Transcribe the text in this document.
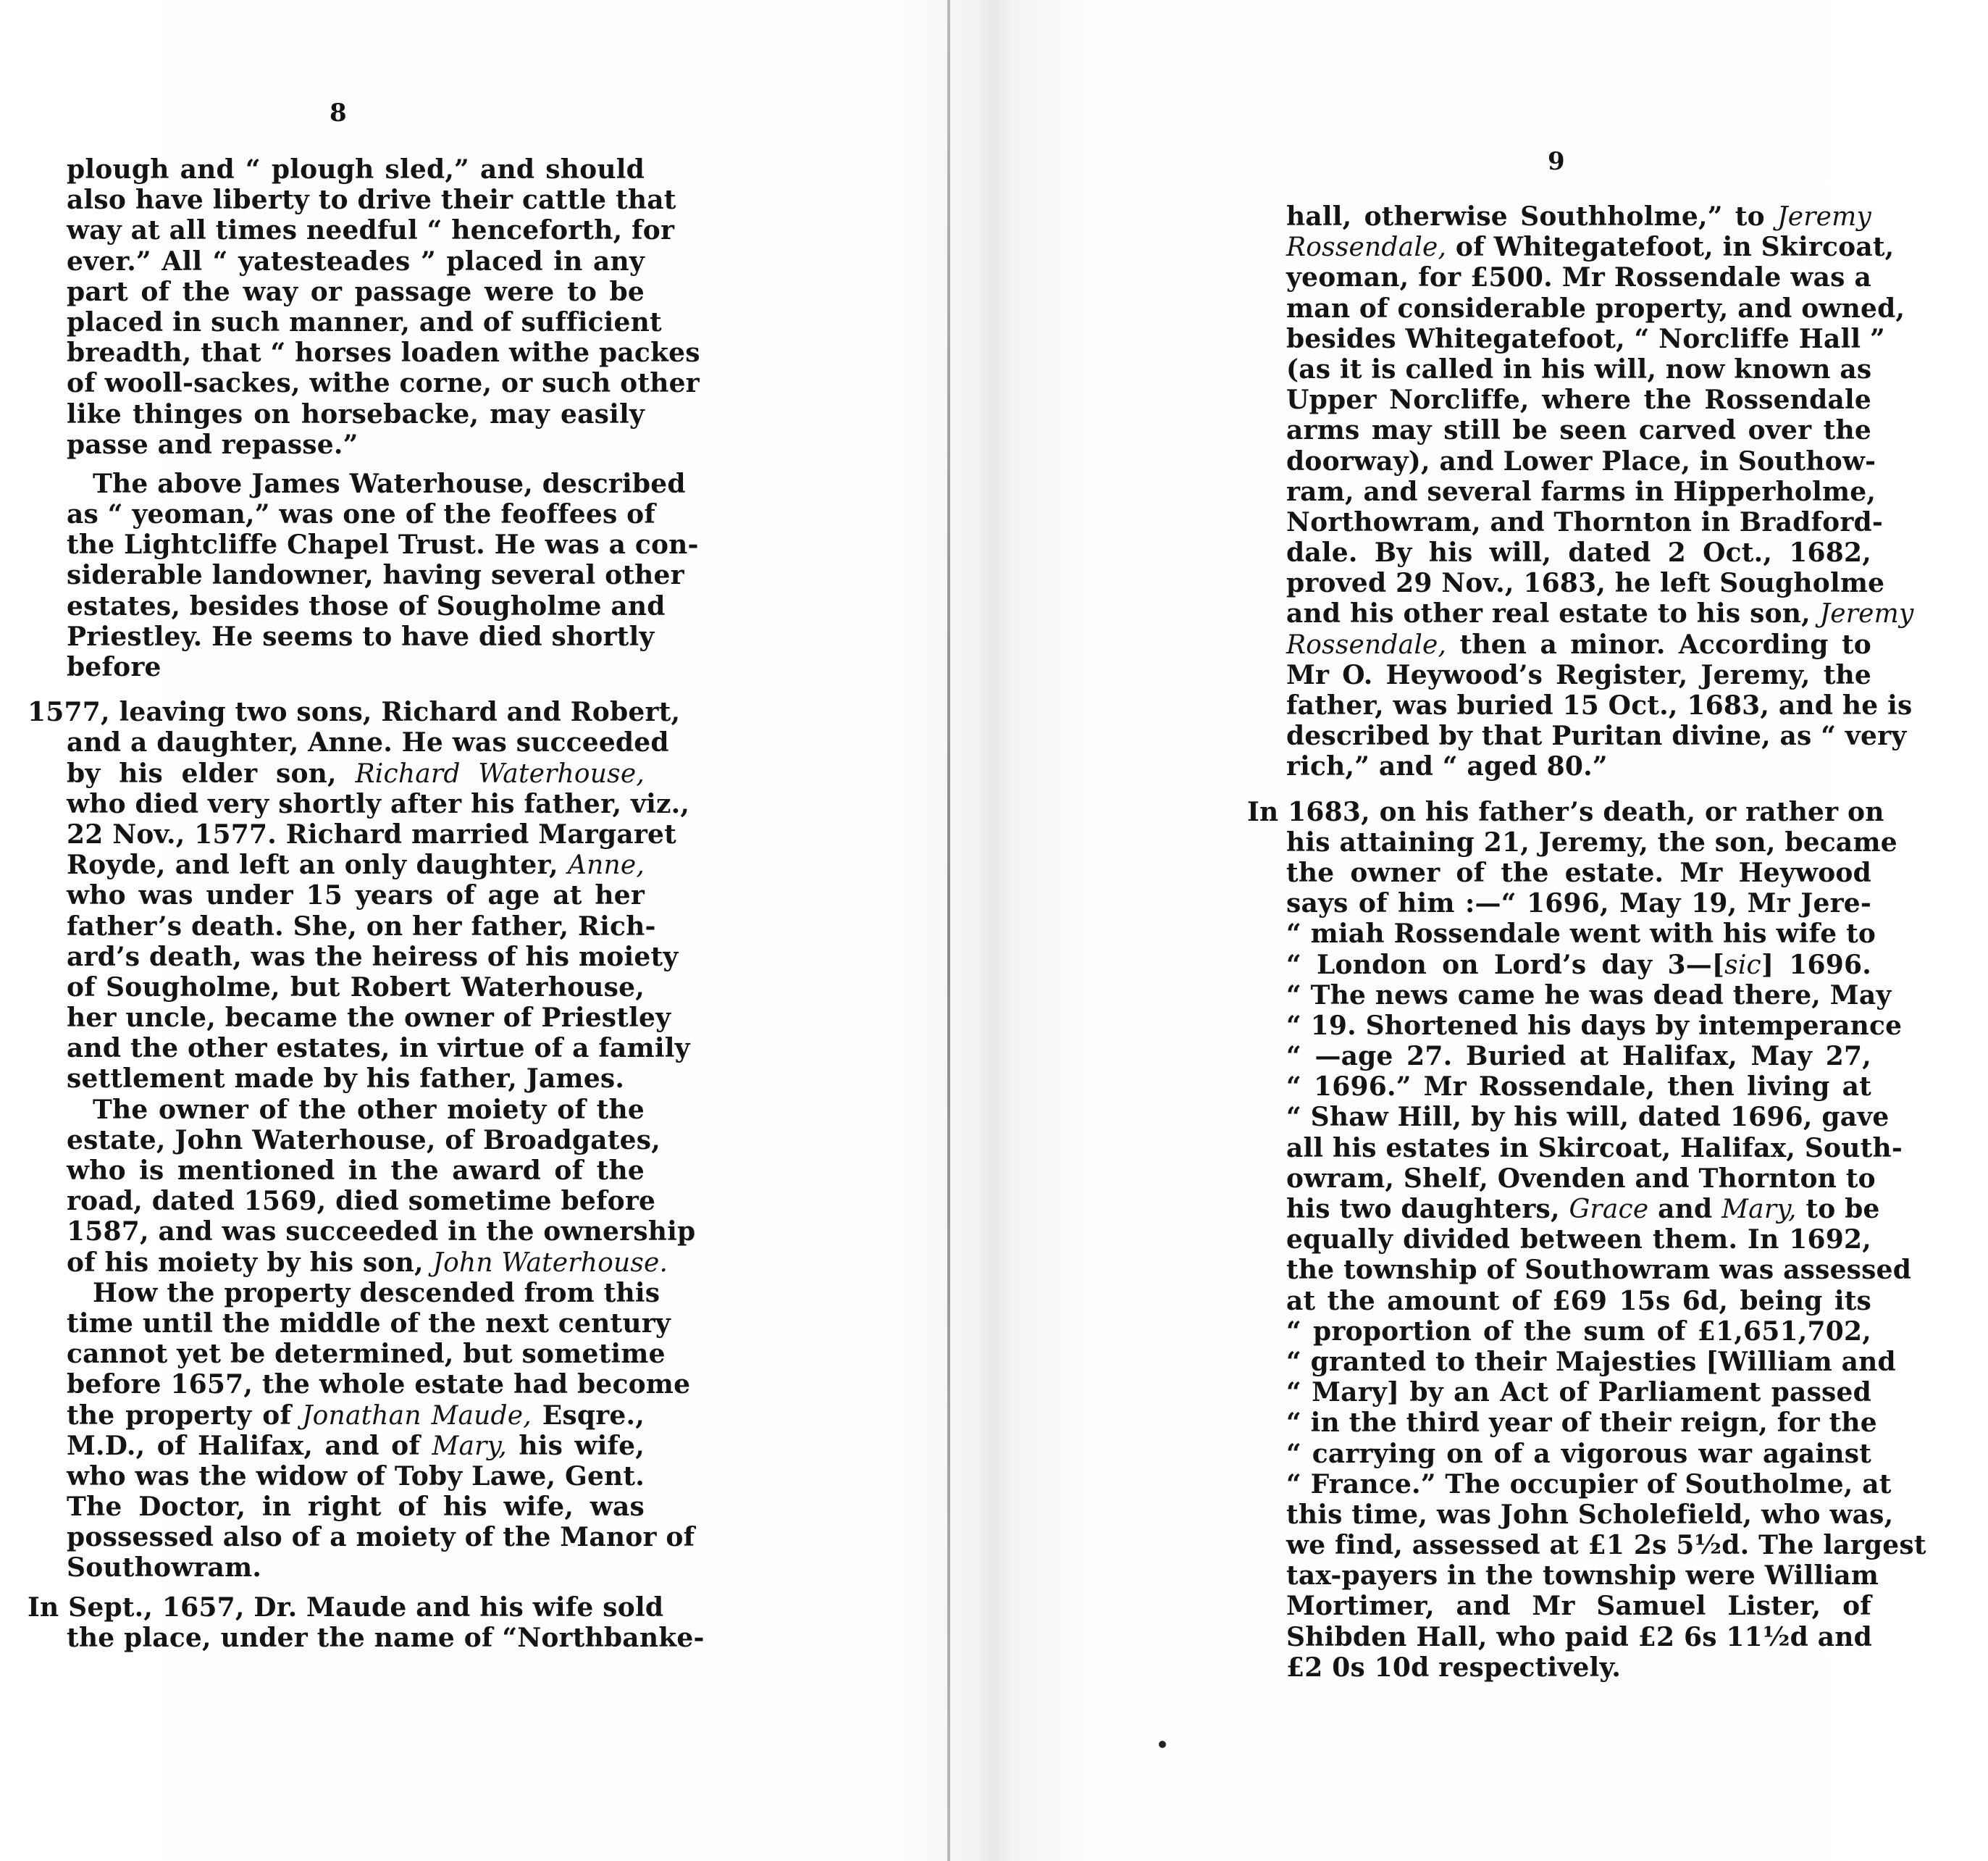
8
plough and “ plough sled,” and should
also have liberty to drive their cattle that
way at all times needful “ henceforth, for
ever.” All “ yatesteades ” placed in any
part of the way or passage were to be
placed in such manner, and of sufficient
breadth, that “ horses loaden withe packes
of wooll-sackes, withe corne, or such other
like thinges on horsebacke, may easily
passe and repasse.”
The above James Waterhouse, described
as “ yeoman,” was one of the feoffees of
the Lightcliffe Chapel Trust. He was a con-
siderable landowner, having several other
estates, besides those of Sougholme and
Priestley. He seems to have died shortly
before
1577, leaving two sons, Richard and Robert,
and a daughter, Anne. He was succeeded
by his elder son, Richard Waterhouse,
who died very shortly after his father, viz.,
22 Nov., 1577. Richard married Margaret
Royde, and left an only daughter, Anne,
who was under 15 years of age at her
father’s death. She, on her father, Rich-
ard’s death, was the heiress of his moiety
of Sougholme, but Robert Waterhouse,
her uncle, became the owner of Priestley
and the other estates, in virtue of a family
settlement made by his father, James.
The owner of the other moiety of the
estate, John Waterhouse, of Broadgates,
who is mentioned in the award of the
road, dated 1569, died sometime before
1587, and was succeeded in the ownership
of his moiety by his son, John Waterhouse.
How the property descended from this
time until the middle of the next century
cannot yet be determined, but sometime
before 1657, the whole estate had become
the property of Jonathan Maude, Esqre.,
M.D., of Halifax, and of Mary, his wife,
who was the widow of Toby Lawe, Gent.
The Doctor, in right of his wife, was
possessed also of a moiety of the Manor of
Southowram.
In Sept., 1657, Dr. Maude and his wife sold
the place, under the name of “Northbanke-
9
hall, otherwise Southholme,” to Jeremy
Rossendale, of Whitegatefoot, in Skircoat,
yeoman, for £500. Mr Rossendale was a
man of considerable property, and owned,
besides Whitegatefoot, “ Norcliffe Hall ”
(as it is called in his will, now known as
Upper Norcliffe, where the Rossendale
arms may still be seen carved over the
doorway), and Lower Place, in Southow-
ram, and several farms in Hipperholme,
Northowram, and Thornton in Bradford-
dale. By his will, dated 2 Oct., 1682,
proved 29 Nov., 1683, he left Sougholme
and his other real estate to his son, Jeremy
Rossendale, then a minor. According to
Mr O. Heywood’s Register, Jeremy, the
father, was buried 15 Oct., 1683, and he is
described by that Puritan divine, as “ very
rich,” and “ aged 80.”
In 1683, on his father’s death, or rather on
his attaining 21, Jeremy, the son, became
the owner of the estate. Mr Heywood
says of him :—“ 1696, May 19, Mr Jere-
“ miah Rossendale went with his wife to
“ London on Lord’s day 3—[sic] 1696.
“ The news came he was dead there, May
“ 19. Shortened his days by intemperance
“ —age 27. Buried at Halifax, May 27,
“ 1696.” Mr Rossendale, then living at
“ Shaw Hill, by his will, dated 1696, gave
all his estates in Skircoat, Halifax, South-
owram, Shelf, Ovenden and Thornton to
his two daughters, Grace and Mary, to be
equally divided between them. In 1692,
the township of Southowram was assessed
at the amount of £69 15s 6d, being its
“ proportion of the sum of £1,651,702,
“ granted to their Majesties [William and
“ Mary] by an Act of Parliament passed
“ in the third year of their reign, for the
“ carrying on of a vigorous war against
“ France.” The occupier of Southolme, at
this time, was John Scholefield, who was,
we find, assessed at £1 2s 5½d. The largest
tax-payers in the township were William
Mortimer, and Mr Samuel Lister, of
Shibden Hall, who paid £2 6s 11½d and
£2 0s 10d respectively.
